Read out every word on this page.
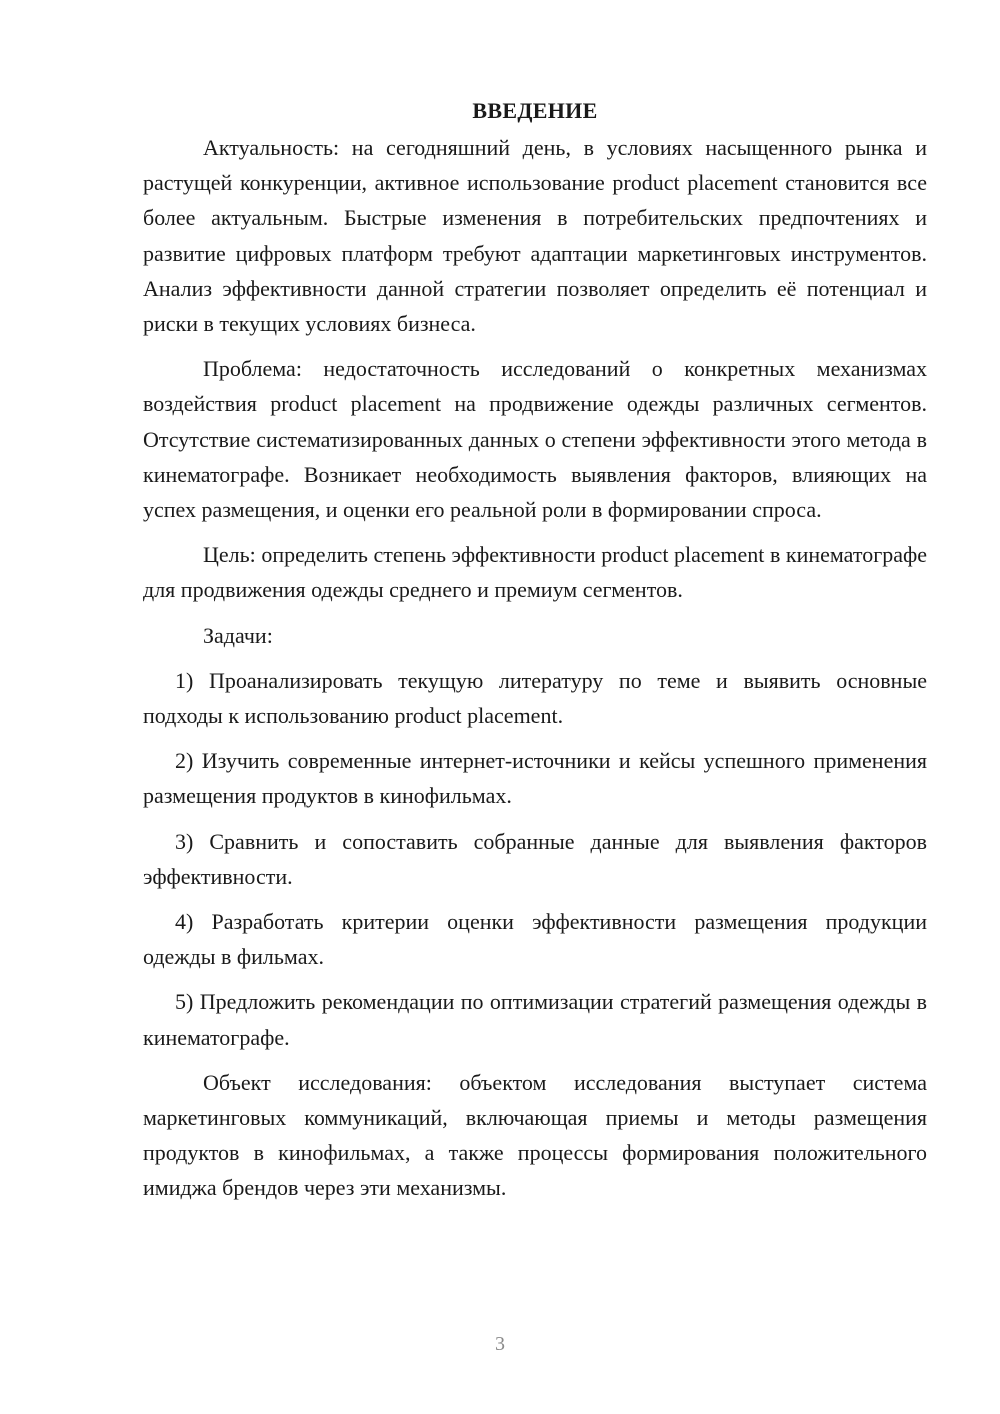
ВВЕДЕНИЕ

Актуальность: на сегодняшний день, в условиях насыщенного рынка и растущей конкуренции, активное использование product placement становится все более актуальным. Быстрые изменения в потребительских предпочтениях и развитие цифровых платформ требуют адаптации маркетинговых инструментов. Анализ эффективности данной стратегии позволяет определить её потенциал и риски в текущих условиях бизнеса.

Проблема: недостаточность исследований о конкретных механизмах воздействия product placement на продвижение одежды различных сегментов. Отсутствие систематизированных данных о степени эффективности этого метода в кинематографе. Возникает необходимость выявления факторов, влияющих на успех размещения, и оценки его реальной роли в формировании спроса.

Цель: определить степень эффективности product placement в кинематографе для продвижения одежды среднего и премиум сегментов.

Задачи:

1) Проанализировать текущую литературу по теме и выявить основные подходы к использованию product placement.
2) Изучить современные интернет-источники и кейсы успешного применения размещения продуктов в кинофильмах.
3) Сравнить и сопоставить собранные данные для выявления факторов эффективности.
4) Разработать критерии оценки эффективности размещения продукции одежды в фильмах.
5) Предложить рекомендации по оптимизации стратегий размещения одежды в кинематографе.

Объект исследования: объектом исследования выступает система маркетинговых коммуникаций, включающая приемы и методы размещения продуктов в кинофильмах, а также процессы формирования положительного имиджа брендов через эти механизмы.

3
